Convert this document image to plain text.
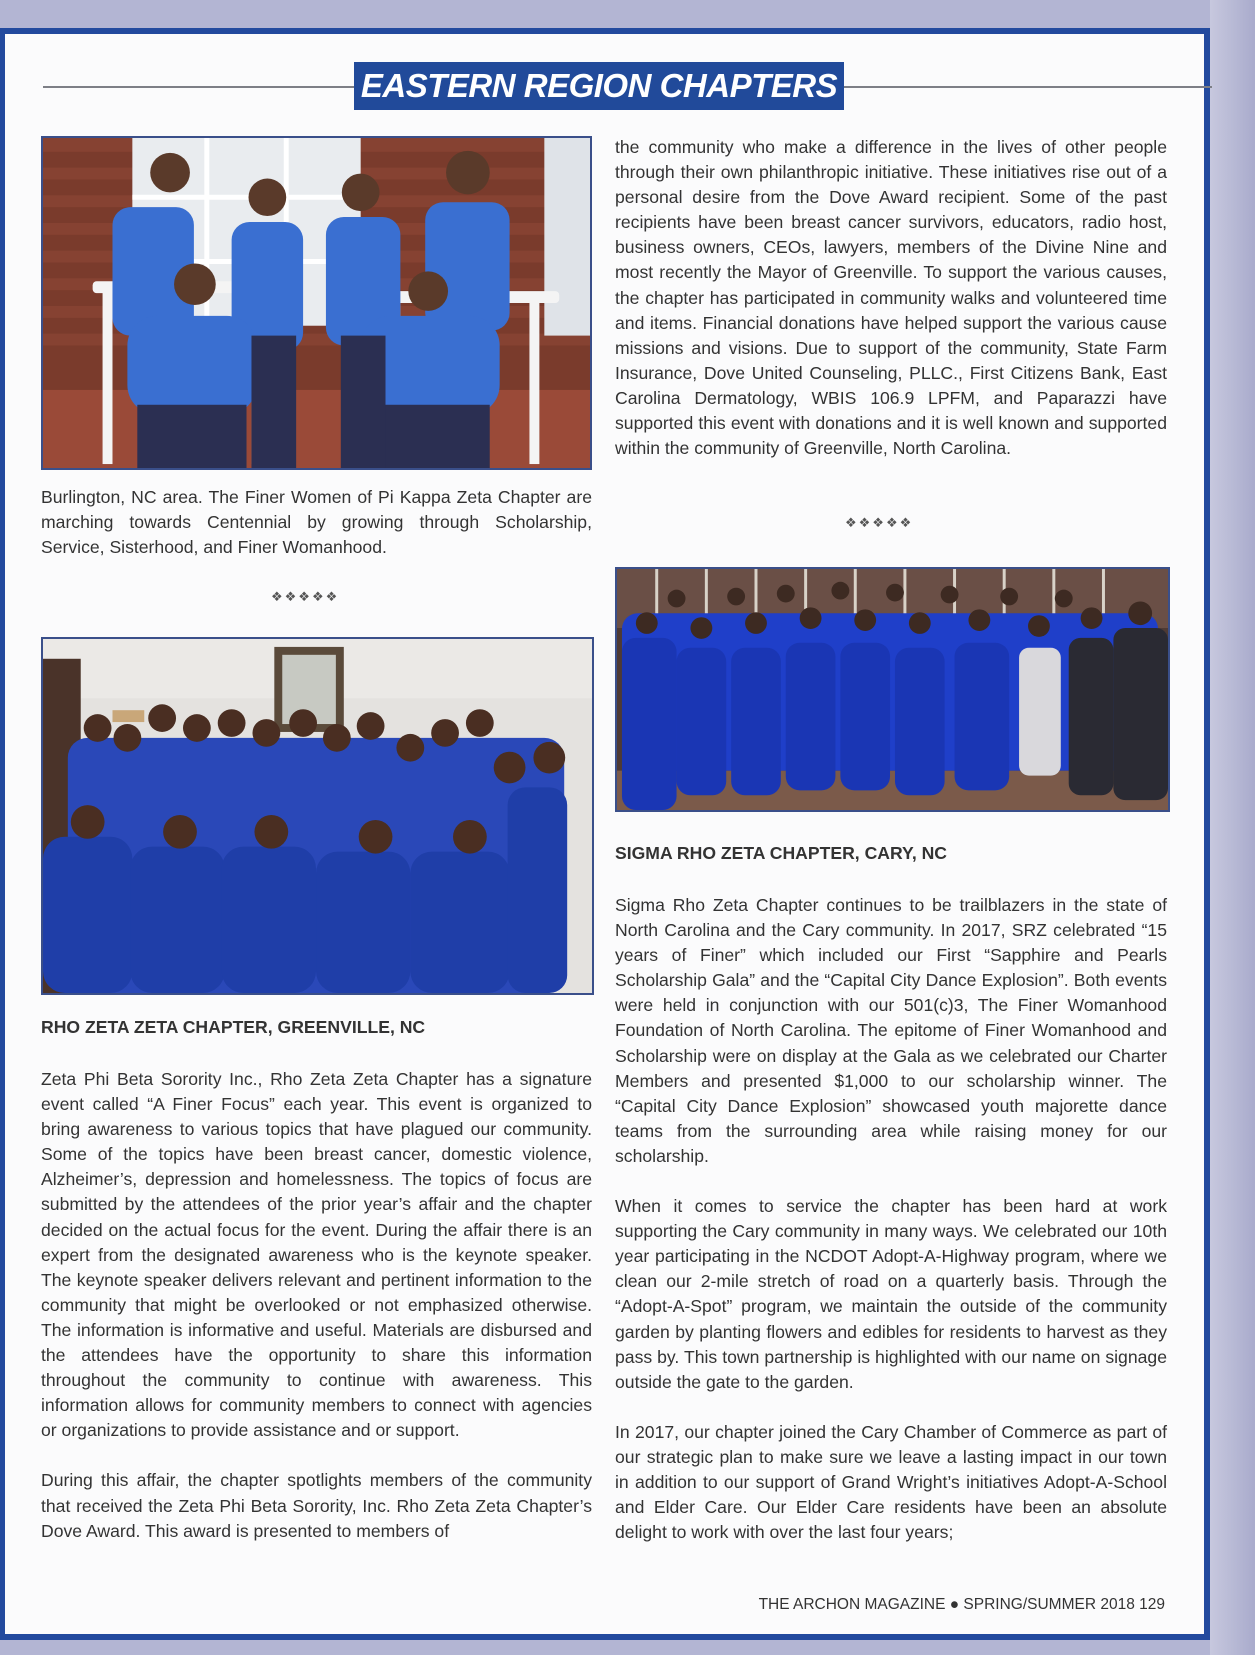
EASTERN REGION CHAPTERS
Burlington, NC area. The Finer Women of Pi Kappa Zeta Chapter are marching towards Centennial by growing through Scholarship, Service, Sisterhood, and Finer Womanhood.
❖❖❖❖❖
RHO ZETA ZETA CHAPTER, GREENVILLE, NC

Zeta Phi Beta Sorority Inc., Rho Zeta Zeta Chapter has a signature event called “A Finer Focus” each year. This event is organized to bring awareness to various topics that have plagued our community. Some of the topics have been breast cancer, domestic violence, Alzheimer’s, depression and homelessness. The topics of focus are submitted by the attendees of the prior year’s affair and the chapter decided on the actual focus for the event. During the affair there is an expert from the designated awareness who is the keynote speaker. The keynote speaker delivers relevant and pertinent information to the community that might be overlooked or not emphasized otherwise. The information is informative and useful. Materials are disbursed and the attendees have the opportunity to share this information throughout the community to continue with awareness. This information allows for community members to connect with agencies or organizations to provide assistance and or support.

During this affair, the chapter spotlights members of the community that received the Zeta Phi Beta Sorority, Inc. Rho Zeta Zeta Chapter’s Dove Award. This award is presented to members of

the community who make a difference in the lives of other people through their own philanthropic initiative. These initiatives rise out of a personal desire from the Dove Award recipient. Some of the past recipients have been breast cancer survivors, educators, radio host, business owners, CEOs, lawyers, members of the Divine Nine and most recently the Mayor of Greenville. To support the various causes, the chapter has participated in community walks and volunteered time and items. Financial donations have helped support the various cause missions and visions. Due to support of the community, State Farm Insurance, Dove United Counseling, PLLC., First Citizens Bank, East Carolina Dermatology, WBIS 106.9 LPFM, and Paparazzi have supported this event with donations and it is well known and supported within the community of Greenville, North Carolina.
❖❖❖❖❖
SIGMA RHO ZETA CHAPTER, CARY, NC

Sigma Rho Zeta Chapter continues to be trailblazers in the state of North Carolina and the Cary community. In 2017, SRZ celebrated “15 years of Finer” which included our First “Sapphire and Pearls Scholarship Gala” and the “Capital City Dance Explosion”. Both events were held in conjunction with our 501(c)3, The Finer Womanhood Foundation of North Carolina. The epitome of Finer Womanhood and Scholarship were on display at the Gala as we celebrated our Charter Members and presented $1,000 to our scholarship winner. The “Capital City Dance Explosion” showcased youth majorette dance teams from the surrounding area while raising money for our scholarship.

When it comes to service the chapter has been hard at work supporting the Cary community in many ways. We celebrated our 10th year participating in the NCDOT Adopt-A-Highway program, where we clean our 2-mile stretch of road on a quarterly basis. Through the “Adopt-A-Spot” program, we maintain the outside of the community garden by planting flowers and edibles for residents to harvest as they pass by. This town partnership is highlighted with our name on signage outside the gate to the garden.

In 2017, our chapter joined the Cary Chamber of Commerce as part of our strategic plan to make sure we leave a lasting impact in our town in addition to our support of Grand Wright’s initiatives Adopt-A-School and Elder Care. Our Elder Care residents have been an absolute delight to work with over the last four years;

THE ARCHON MAGAZINE ● SPRING/SUMMER 2018 129
